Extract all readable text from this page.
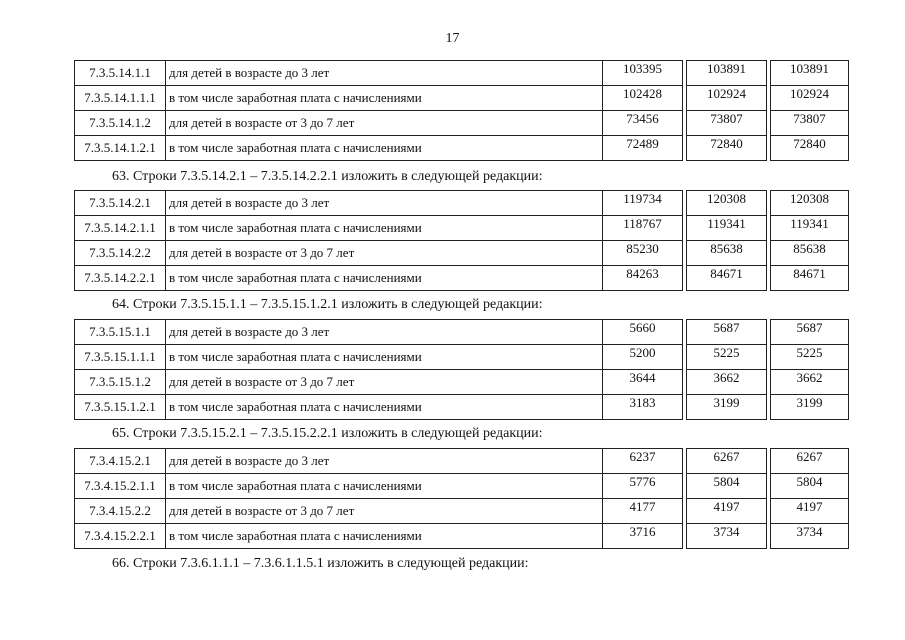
17
7.3.5.14.1.1	для детей в возрасте до 3 лет	103395		103891		103891
7.3.5.14.1.1.1	в том числе заработная плата с начислениями	102428		102924		102924
7.3.5.14.1.2	для детей в возрасте от 3 до 7 лет	73456		73807		73807
7.3.5.14.1.2.1	в том числе заработная плата с начислениями	72489		72840		72840
63. Строки 7.3.5.14.2.1 – 7.3.5.14.2.2.1 изложить в следующей редакции:
7.3.5.14.2.1	для детей в возрасте до 3 лет	119734		120308		120308
7.3.5.14.2.1.1	в том числе заработная плата с начислениями	118767		119341		119341
7.3.5.14.2.2	для детей в возрасте от 3 до 7 лет	85230		85638		85638
7.3.5.14.2.2.1	в том числе заработная плата с начислениями	84263		84671		84671
64. Строки 7.3.5.15.1.1 – 7.3.5.15.1.2.1 изложить в следующей редакции:
7.3.5.15.1.1	для детей в возрасте до 3 лет	5660		5687		5687
7.3.5.15.1.1.1	в том числе заработная плата с начислениями	5200		5225		5225
7.3.5.15.1.2	для детей в возрасте от 3 до 7 лет	3644		3662		3662
7.3.5.15.1.2.1	в том числе заработная плата с начислениями	3183		3199		3199
65. Строки 7.3.5.15.2.1 – 7.3.5.15.2.2.1 изложить в следующей редакции:
7.3.4.15.2.1	для детей в возрасте до 3 лет	6237		6267		6267
7.3.4.15.2.1.1	в том числе заработная плата с начислениями	5776		5804		5804
7.3.4.15.2.2	для детей в возрасте от 3 до 7 лет	4177		4197		4197
7.3.4.15.2.2.1	в том числе заработная плата с начислениями	3716		3734		3734
66. Строки 7.3.6.1.1.1 – 7.3.6.1.1.5.1 изложить в следующей редакции:
